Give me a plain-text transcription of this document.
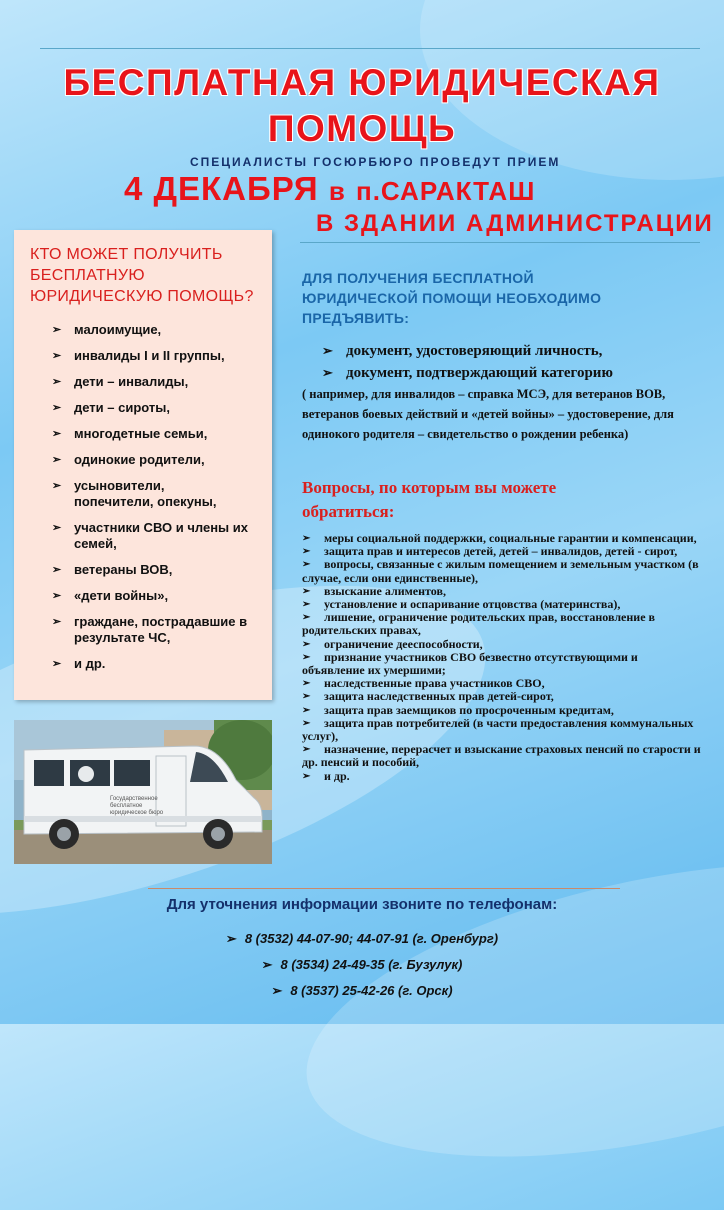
БЕСПЛАТНАЯ ЮРИДИЧЕСКАЯ
ПОМОЩЬ
СПЕЦИАЛИСТЫ ГОСЮРБЮРО ПРОВЕДУТ ПРИЕМ
4 ДЕКАБРЯ в п.САРАКТАШ
В ЗДАНИИ АДМИНИСТРАЦИИ
КТО МОЖЕТ ПОЛУЧИТЬ
БЕСПЛАТНУЮ
ЮРИДИЧЕСКУЮ ПОМОЩЬ?
➢ малоимущие,
➢ инвалиды I и II группы,
➢ дети – инвалиды,
➢ дети – сироты,
➢ многодетные семьи,
➢ одинокие родители,
➢ усыновители, попечители, опекуны,
➢ участники СВО и члены их семей,
➢ ветераны ВОВ,
➢ «дети войны»,
➢ граждане, пострадавшие в результате ЧС,
➢ и др.
ДЛЯ ПОЛУЧЕНИЯ БЕСПЛАТНОЙ
ЮРИДИЧЕСКОЙ ПОМОЩИ НЕОБХОДИМО
ПРЕДЪЯВИТЬ:
➢ документ, удостоверяющий личность,
➢ документ, подтверждающий категорию
( например, для инвалидов – справка МСЭ, для ветеранов ВОВ, ветеранов боевых действий и «детей войны» – удостоверение, для одинокого родителя – свидетельство о рождении ребенка)
Вопросы, по которым вы можете
обратиться:
➢ меры социальной поддержки, социальные гарантии и компенсации,
➢ защита прав и интересов детей, детей – инвалидов, детей - сирот,
➢ вопросы, связанные с жилым помещением и земельным участком (в случае, если они единственные),
➢ взыскание алиментов,
➢ установление и оспаривание отцовства (материнства),
➢ лишение, ограничение родительских прав, восстановление в родительских правах,
➢ ограничение дееспособности,
➢ признание участников СВО безвестно отсутствующими и объявление их умершими;
➢ наследственные права участников СВО,
➢ защита наследственных прав детей-сирот,
➢ защита прав заемщиков по просроченным кредитам,
➢ защита прав потребителей (в части предоставления коммунальных услуг),
➢ назначение, перерасчет и взыскание страховых пенсий по старости и др. пенсий и пособий,
➢ и др.
Государственное бесплатное юридическое бюро
Для уточнения информации звоните по телефонам:
➢ 8 (3532) 44-07-90; 44-07-91 (г. Оренбург)
➢ 8 (3534) 24-49-35 (г. Бузулук)
➢ 8 (3537) 25-42-26 (г. Орск)
